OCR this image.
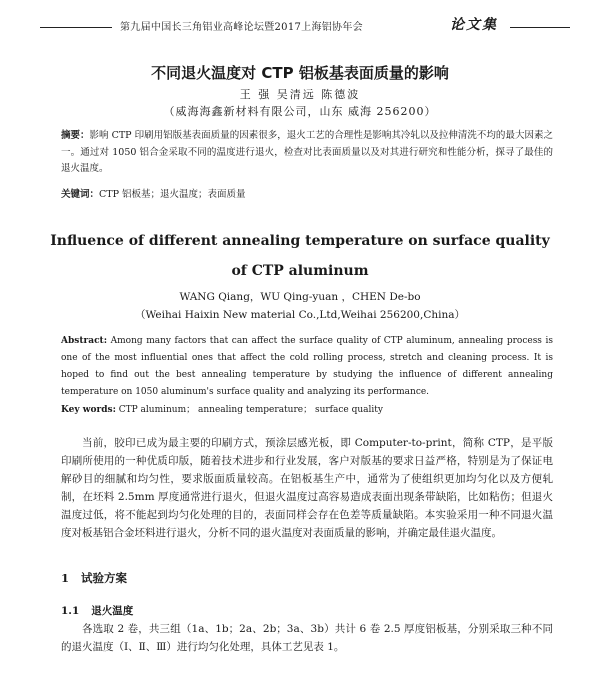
第九届中国长三角铝业高峰论坛暨2017上海铝协年会	论文集
不同退火温度对 CTP 铝板基表面质量的影响
王 强 吴清远 陈德波
（威海海鑫新材料有限公司，山东 威海 256200）
摘要：影响 CTP 印刷用铝版基表面质量的因素很多，退火工艺的合理性是影响其冷轧以及拉伸清洗不均的最大因素之一。通过对 1050 铝合金采取不同的温度进行退火，检查对比表面质量以及对其进行研究和性能分析，探寻了最佳的退火温度。
关键词：CTP 铝板基；退火温度；表面质量
Influence of different annealing temperature on surface quality of CTP aluminum
WANG Qiang，WU Qing-yuan ，CHEN De-bo
（Weihai Haixin New material Co.,Ltd,Weihai 256200,China）
Abstract: Among many factors that can affect the surface quality of CTP aluminum, annealing process is one of the most influential ones that affect the cold rolling process, stretch and cleaning process. It is hoped to find out the best annealing temperature by studying the influence of different annealing temperature on 1050 aluminum's surface quality and analyzing its performance.
Key words: CTP aluminum； annealing temperature； surface quality
当前，胶印已成为最主要的印刷方式，预涂层感光板，即 Computer-to-print，简称 CTP，是平版印刷所使用的一种优质印版，随着技术进步和行业发展，客户对版基的要求日益严格，特别是为了保证电解砂目的细腻和均匀性，要求版面质量较高。在铝板基生产中，通常为了使组织更加均匀化以及方便轧制，在坯料 2.5mm 厚度通常进行退火，但退火温度过高容易造成表面出现条带缺陷，比如粘伤；但退火温度过低，将不能起到均匀化处理的目的，表面同样会存在色差等质量缺陷。本实验采用一种不同退火温度对板基铝合金坯料进行退火，分析不同的退火温度对表面质量的影响，并确定最佳退火温度。
1 试验方案
1.1 退火温度
各选取 2 卷，共三组（1a、1b；2a、2b；3a、3b）共计 6 卷 2.5 厚度铝板基，分别采取三种不同的退火温度（Ⅰ、Ⅱ、Ⅲ）进行均匀化处理，具体工艺见表 1。
